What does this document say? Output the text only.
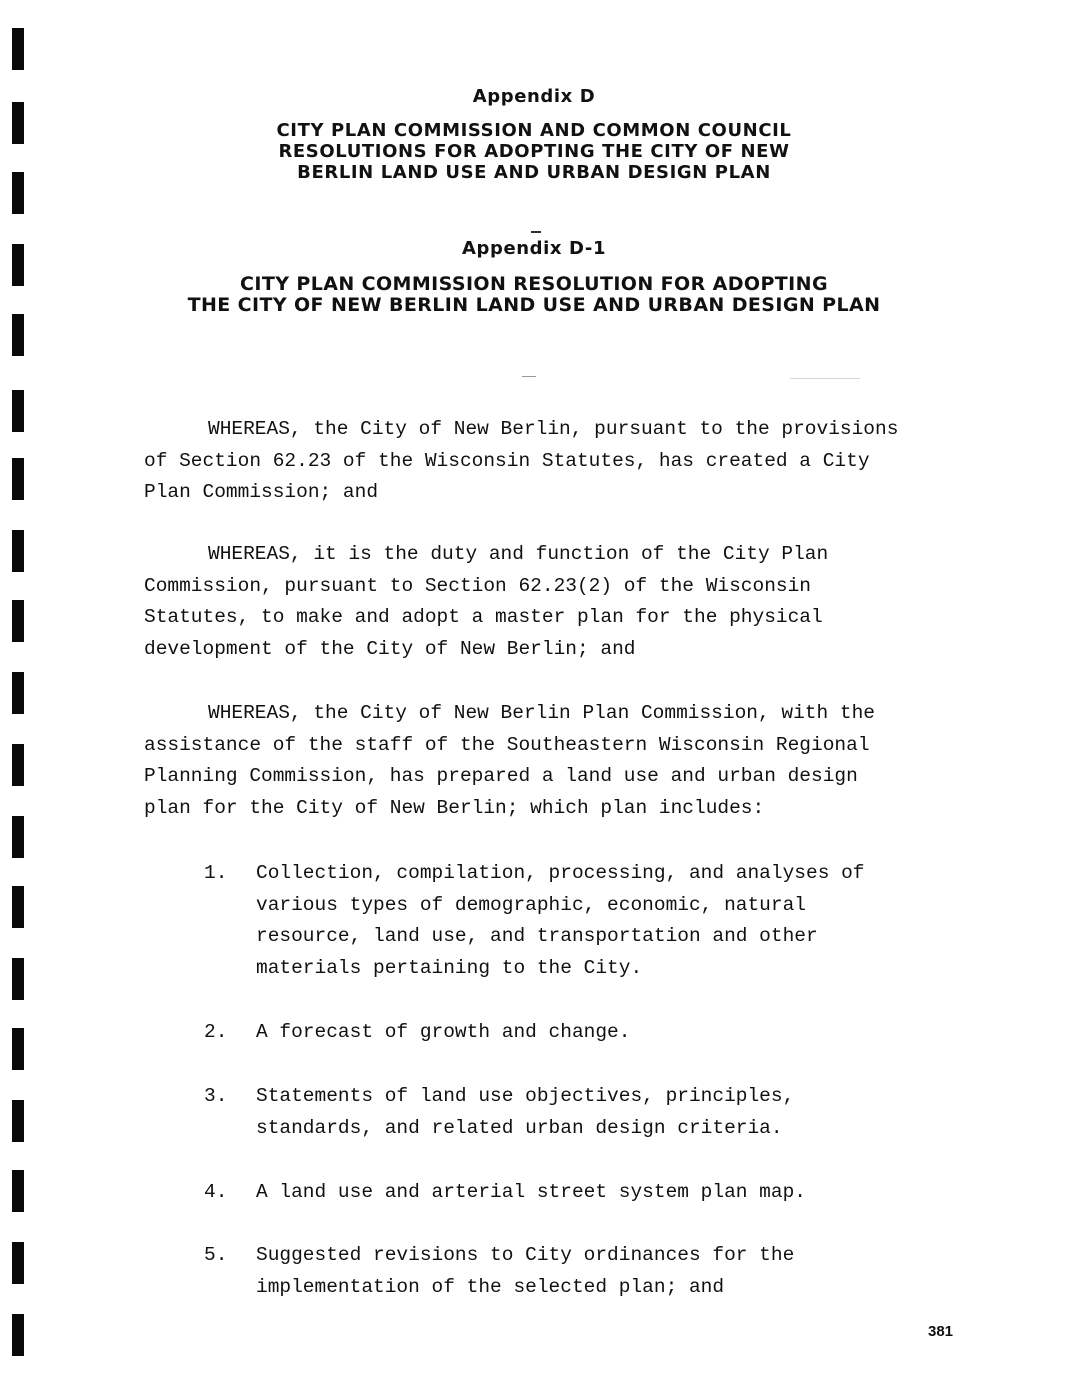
Appendix D
CITY PLAN COMMISSION AND COMMON COUNCIL
RESOLUTIONS FOR ADOPTING THE CITY OF NEW
BERLIN LAND USE AND URBAN DESIGN PLAN
Appendix D-1
CITY PLAN COMMISSION RESOLUTION FOR ADOPTING
THE CITY OF NEW BERLIN LAND USE AND URBAN DESIGN PLAN
WHEREAS, the City of New Berlin, pursuant to the provisions
of Section 62.23 of the Wisconsin Statutes, has created a City
Plan Commission; and
WHEREAS, it is the duty and function of the City Plan
Commission, pursuant to Section 62.23(2) of the Wisconsin
Statutes, to make and adopt a master plan for the physical
development of the City of New Berlin; and
WHEREAS, the City of New Berlin Plan Commission, with the
assistance of the staff of the Southeastern Wisconsin Regional
Planning Commission, has prepared a land use and urban design
plan for the City of New Berlin; which plan includes:
1. Collection, compilation, processing, and analyses of
various types of demographic, economic, natural
resource, land use, and transportation and other
materials pertaining to the City.
2. A forecast of growth and change.
3. Statements of land use objectives, principles,
standards, and related urban design criteria.
4. A land use and arterial street system plan map.
5. Suggested revisions to City ordinances for the
implementation of the selected plan; and
381
